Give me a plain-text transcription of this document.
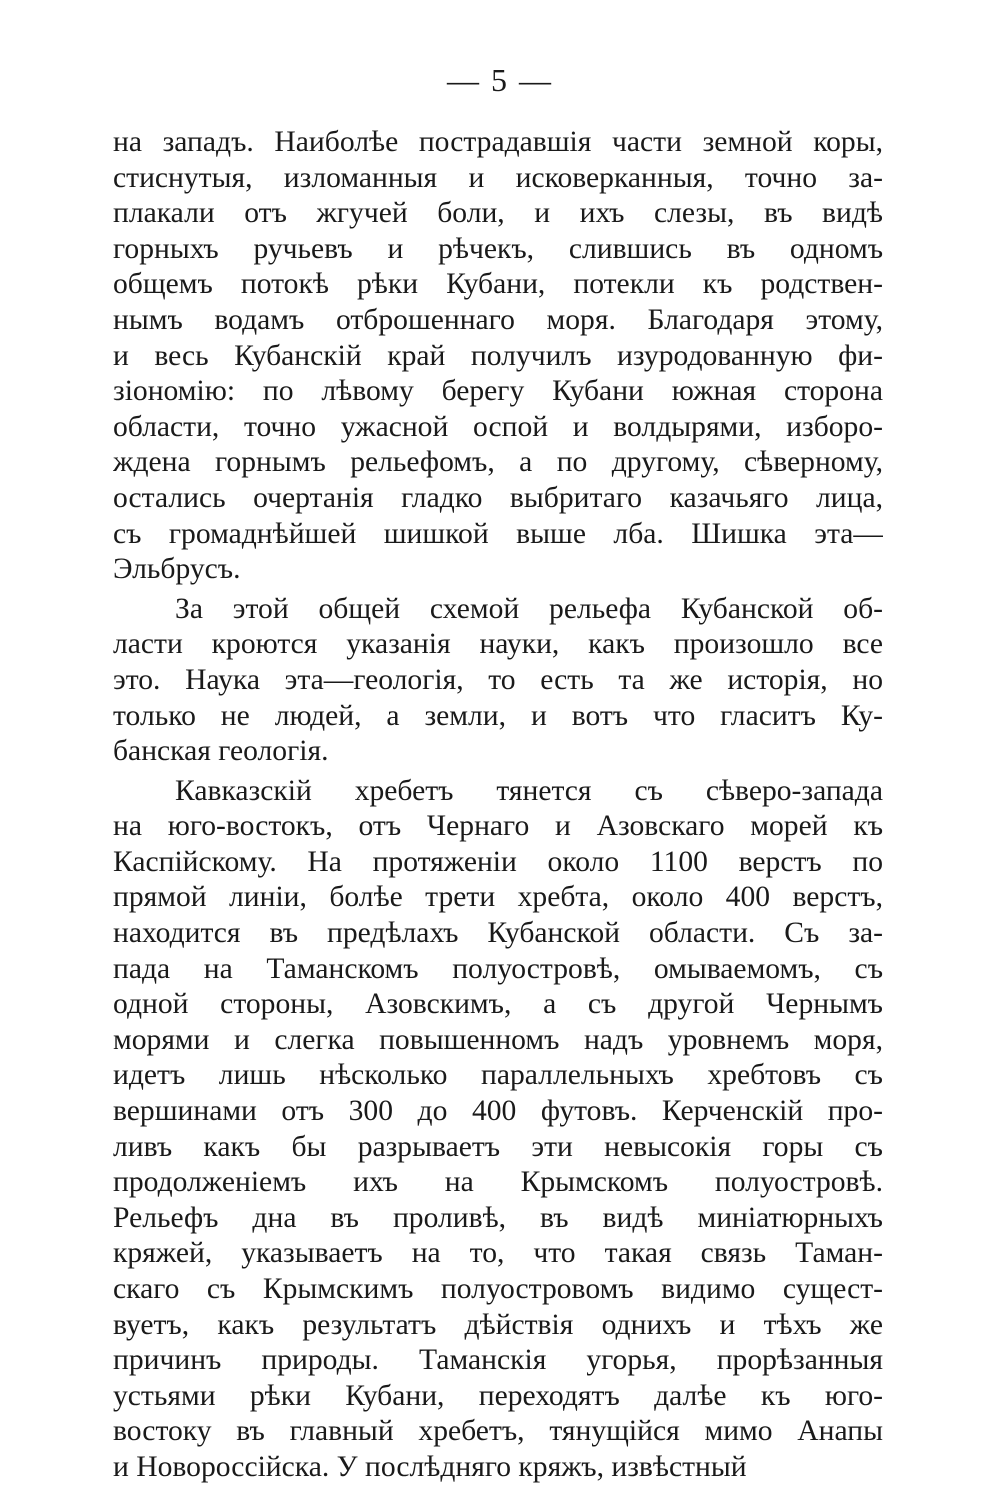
— 5 —
на западъ. Наиболѣе пострадавшія части земной коры,
стиснутыя, изломанныя и исковерканныя, точно за-
плакали отъ жгучей боли, и ихъ слезы, въ видѣ
горныхъ ручьевъ и рѣчекъ, слившись въ одномъ
общемъ потокѣ рѣки Кубани, потекли къ родствен-
нымъ водамъ отброшеннаго моря. Благодаря этому,
и весь Кубанскій край получилъ изуродованную фи-
зіономію: по лѣвому берегу Кубани южная сторона
области, точно ужасной оспой и волдырями, изборо-
ждена горнымъ рельефомъ, а по другому, сѣверному,
остались очертанія гладко выбритаго казачьяго лица,
съ громаднѣйшей шишкой выше лба. Шишка эта—
Эльбрусъ.
За этой общей схемой рельефа Кубанской об-
ласти кроются указанія науки, какъ произошло все
это. Наука эта—геологія, то есть та же исторія, но
только не людей, а земли, и вотъ что гласитъ Ку-
банская геологія.
Кавказскій хребетъ тянется съ сѣверо-запада
на юго-востокъ, отъ Чернаго и Азовскаго морей къ
Каспійскому. На протяженіи около 1100 верстъ по
прямой линіи, болѣе трети хребта, около 400 верстъ,
находится въ предѣлахъ Кубанской области. Съ за-
пада на Таманскомъ полуостровѣ, омываемомъ, съ
одной стороны, Азовскимъ, а съ другой Чернымъ
морями и слегка повышенномъ надъ уровнемъ моря,
идетъ лишь нѣсколько параллельныхъ хребтовъ съ
вершинами отъ 300 до 400 футовъ. Керченскій про-
ливъ какъ бы разрываетъ эти невысокія горы съ
продолженіемъ ихъ на Крымскомъ полуостровѣ.
Рельефъ дна въ проливѣ, въ видѣ миніатюрныхъ
кряжей, указываетъ на то, что такая связь Таман-
скаго съ Крымскимъ полуостровомъ видимо сущест-
вуетъ, какъ результатъ дѣйствія однихъ и тѣхъ же
причинъ природы. Таманскія угорья, прорѣзанныя
устьями рѣки Кубани, переходятъ далѣе къ юго-
востоку въ главный хребетъ, тянущійся мимо Анапы
и Новороссійска. У послѣдняго кряжъ, извѣстный
